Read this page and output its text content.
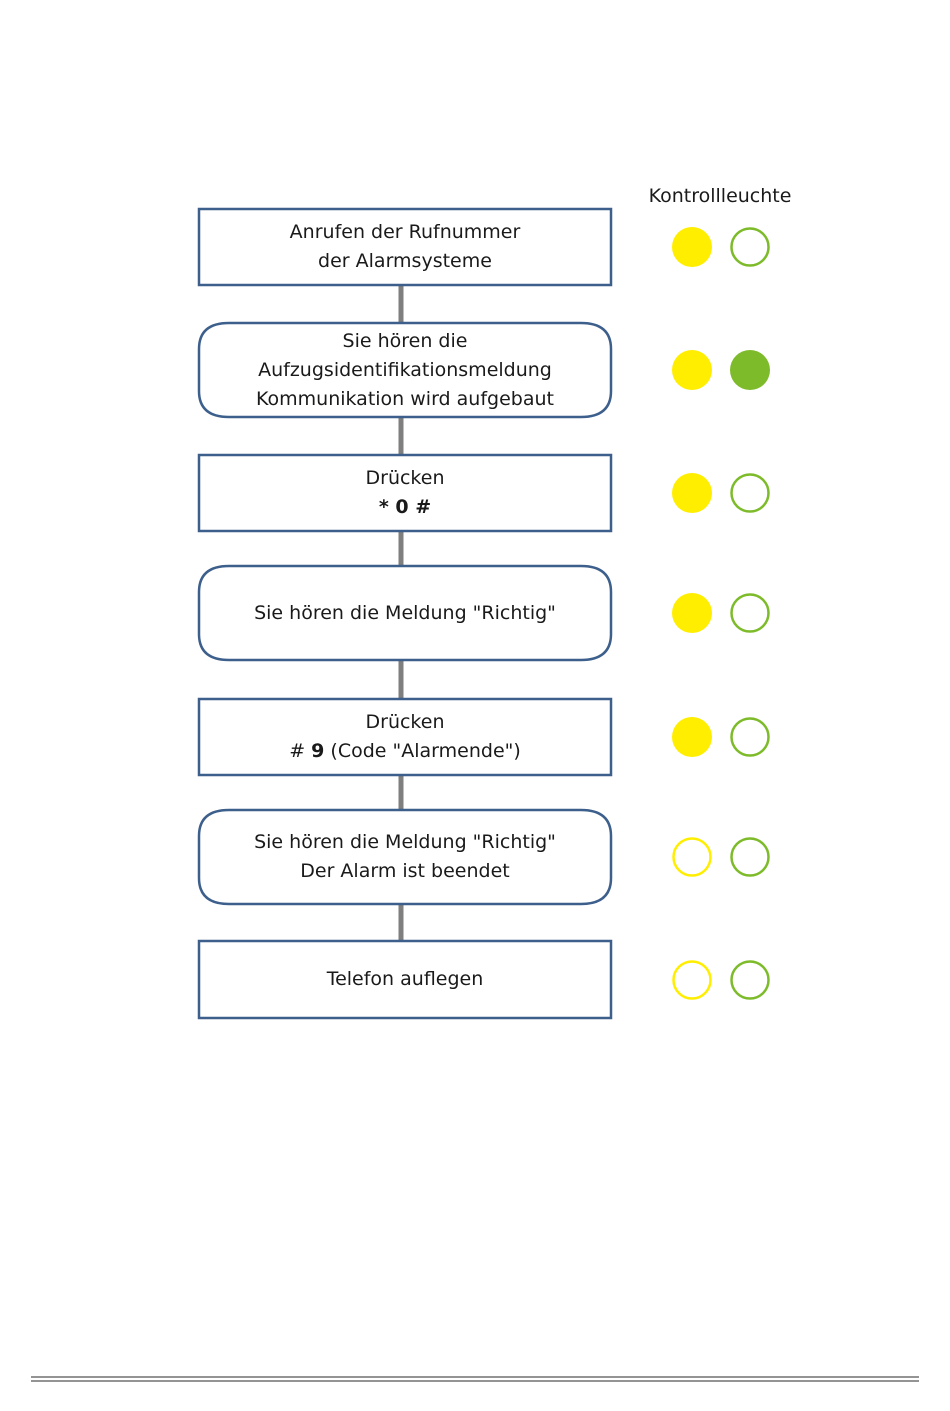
Kontrollleuchte
Anrufen der Rufnummer
der Alarmsysteme
Sie hören die
Aufzugsidentifikationsmeldung
Kommunikation wird aufgebaut
Drücken
* 0 #
Sie hören die Meldung "Richtig"
Drücken
# 9 (Code "Alarmende")
Sie hören die Meldung "Richtig"
Der Alarm ist beendet
Telefon auflegen
